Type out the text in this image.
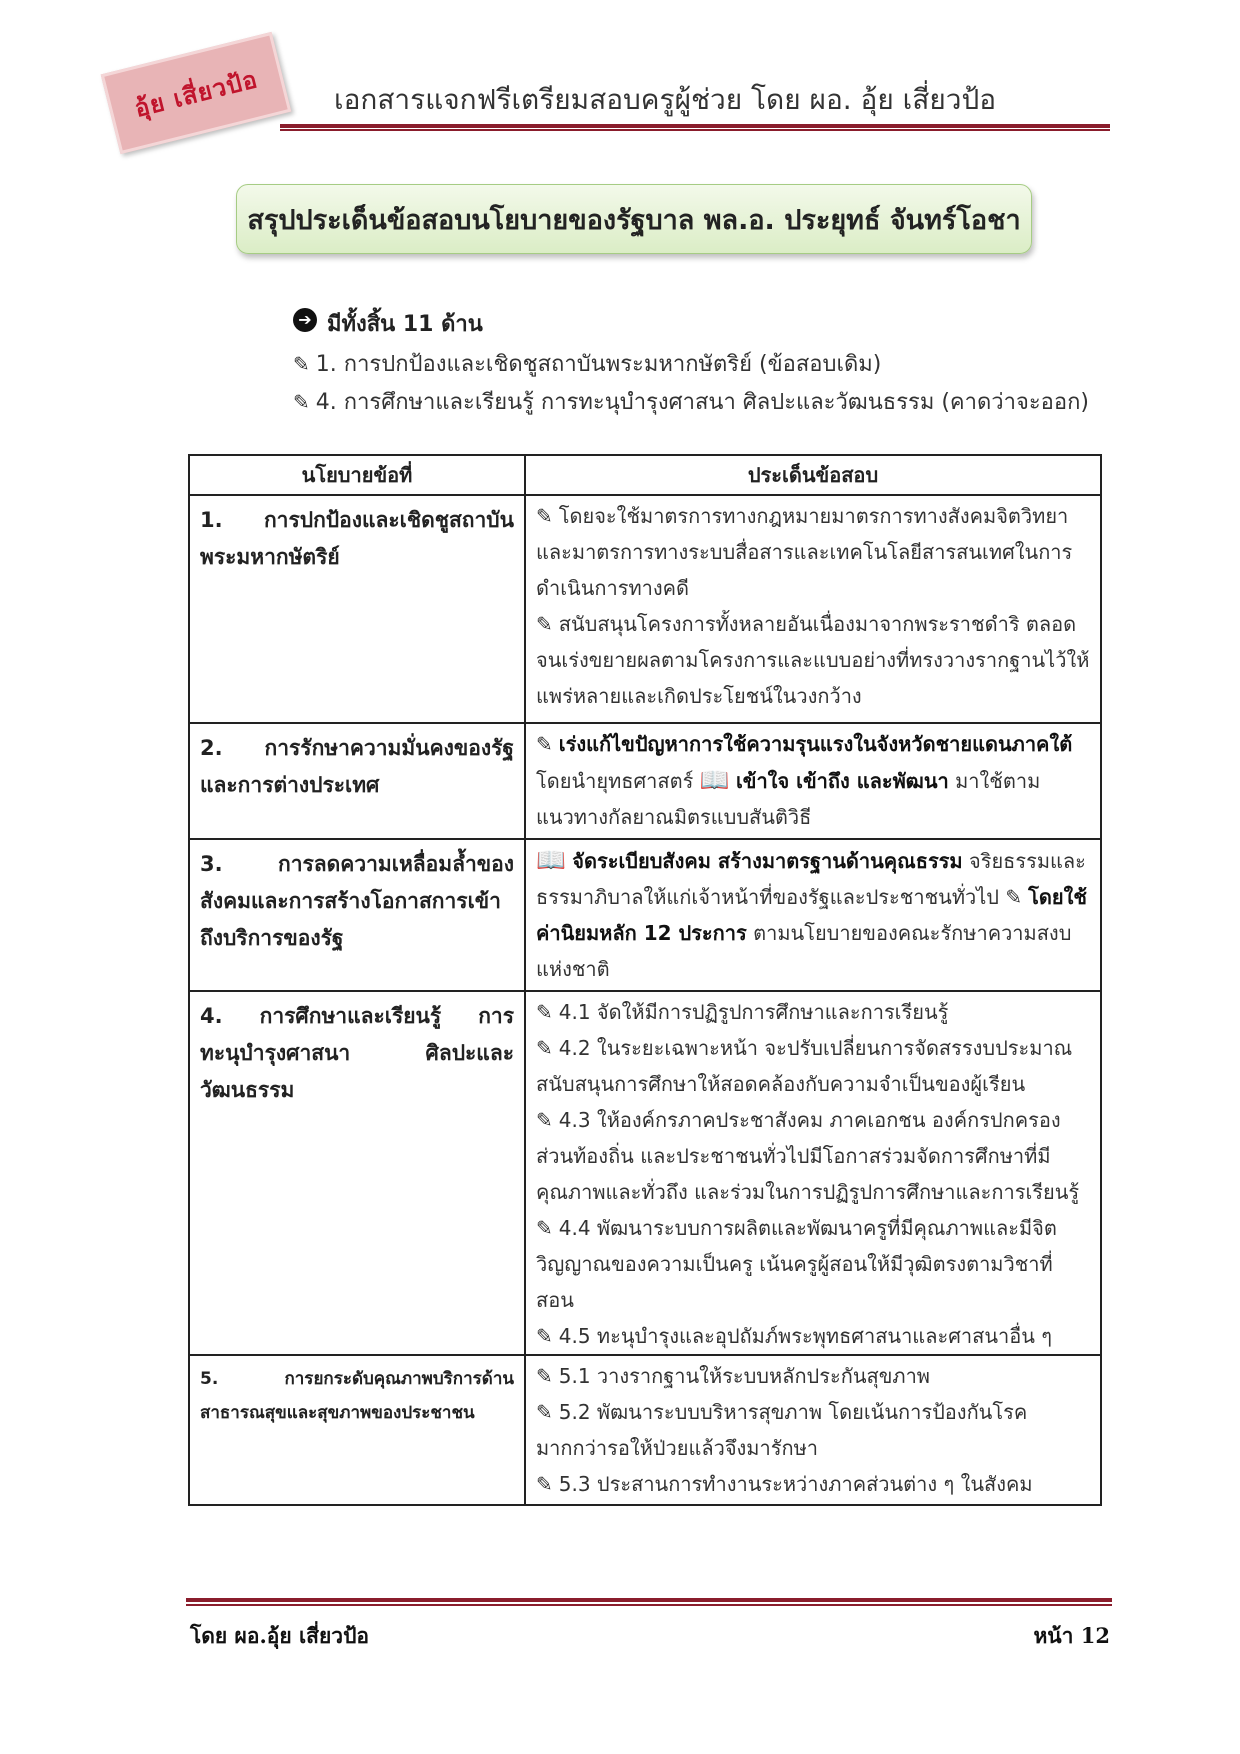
อุ้ย เสี่ยวป้อ	เอกสารแจกฟรีเตรียมสอบครูผู้ช่วย โดย ผอ. อุ้ย เสี่ยวป้อ
สรุปประเด็นข้อสอบนโยบายของรัฐบาล พล.อ. ประยุทธ์ จันทร์โอชา
➔ มีทั้งสิ้น 11 ด้าน
✎ 1. การปกป้องและเชิดชูสถาบันพระมหากษัตริย์ (ข้อสอบเดิม)
✎ 4. การศึกษาและเรียนรู้ การทะนุบำรุงศาสนา ศิลปะและวัฒนธรรม (คาดว่าจะออก)
นโยบายข้อที่	ประเด็นข้อสอบ
1. การปกป้องและเชิดชูสถาบันพระมหากษัตริย์	✎ โดยจะใช้มาตรการทางกฎหมายมาตรการทางสังคมจิตวิทยาและมาตรการทางระบบสื่อสารและเทคโนโลยีสารสนเทศในการดำเนินการทางคดี
✎ สนับสนุนโครงการทั้งหลายอันเนื่องมาจากพระราชดำริ ตลอดจนเร่งขยายผลตามโครงการและแบบอย่างที่ทรงวางรากฐานไว้ให้แพร่หลายและเกิดประโยชน์ในวงกว้าง

2. การรักษาความมั่นคงของรัฐและการต่างประเทศ	✎ เร่งแก้ไขปัญหาการใช้ความรุนแรงในจังหวัดชายแดนภาคใต้ โดยนำยุทธศาสตร์ 📖 เข้าใจ เข้าถึง และพัฒนา มาใช้ตามแนวทางกัลยาณมิตรแบบสันติวิธี

3. การลดความเหลื่อมล้ำของสังคมและการสร้างโอกาสการเข้าถึงบริการของรัฐ	📖 จัดระเบียบสังคม สร้างมาตรฐานด้านคุณธรรม จริยธรรมและธรรมาภิบาลให้แก่เจ้าหน้าที่ของรัฐและประชาชนทั่วไป ✎ โดยใช้ค่านิยมหลัก 12 ประการ ตามนโยบายของคณะรักษาความสงบแห่งชาติ

4. การศึกษาและเรียนรู้ การทะนุบำรุงศาสนา ศิลปะและวัฒนธรรม	✎ 4.1 จัดให้มีการปฏิรูปการศึกษาและการเรียนรู้
✎ 4.2 ในระยะเฉพาะหน้า จะปรับเปลี่ยนการจัดสรรงบประมาณสนับสนุนการศึกษาให้สอดคล้องกับความจำเป็นของผู้เรียน
✎ 4.3 ให้องค์กรภาคประชาสังคม ภาคเอกชน องค์กรปกครองส่วนท้องถิ่น และประชาชนทั่วไปมีโอกาสร่วมจัดการศึกษาที่มีคุณภาพและทั่วถึง และร่วมในการปฏิรูปการศึกษาและการเรียนรู้
✎ 4.4 พัฒนาระบบการผลิตและพัฒนาครูที่มีคุณภาพและมีจิตวิญญาณของความเป็นครู เน้นครูผู้สอนให้มีวุฒิตรงตามวิชาที่สอน
✎ 4.5 ทะนุบำรุงและอุปถัมภ์พระพุทธศาสนาและศาสนาอื่น ๆ

5. การยกระดับคุณภาพบริการด้านสาธารณสุขและสุขภาพของประชาชน	✎ 5.1 วางรากฐานให้ระบบหลักประกันสุขภาพ
✎ 5.2 พัฒนาระบบบริหารสุขภาพ โดยเน้นการป้องกันโรคมากกว่ารอให้ป่วยแล้วจึงมารักษา
✎ 5.3 ประสานการทำงานระหว่างภาคส่วนต่าง ๆ ในสังคม
โดย ผอ.อุ้ย เสี่ยวป้อ	หน้า 12
